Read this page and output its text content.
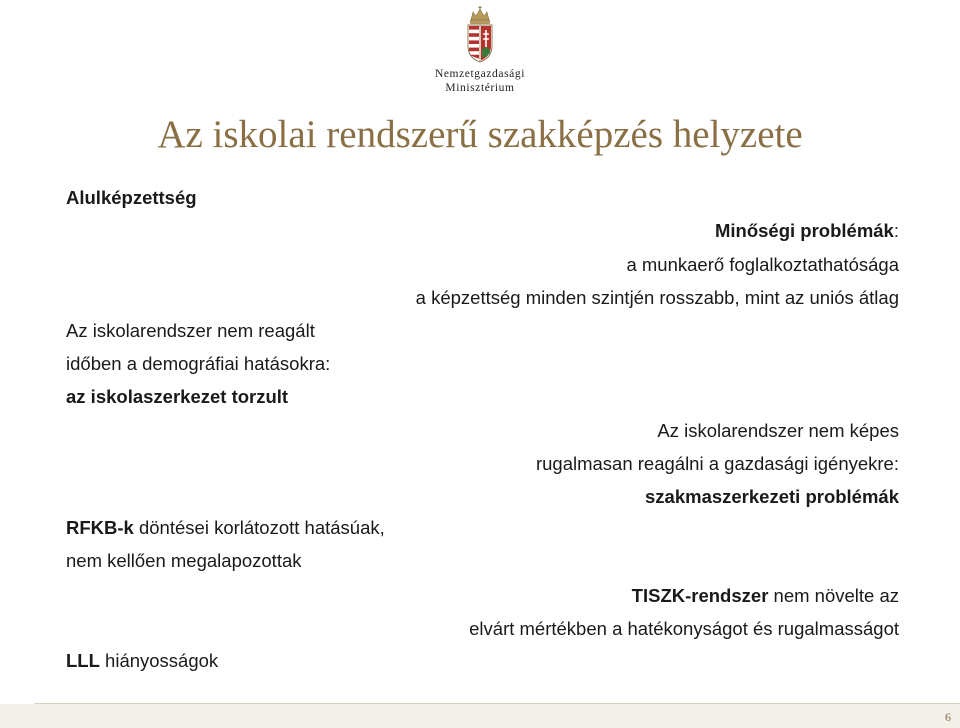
Nemzetgazdasági
Minisztérium
Az iskolai rendszerű szakképzés helyzete
Alulképzettség
Az iskolarendszer nem reagált
időben a demográfiai hatásokra:
az iskolaszerkezet torzult
RFKB-k döntései korlátozott hatásúak,
nem kellően megalapozottak
LLL hiányosságok
Minőségi problémák:
a munkaerő foglalkoztathatósága
a képzettség minden szintjén rosszabb, mint az uniós átlag
Az iskolarendszer nem képes
rugalmasan reagálni a gazdasági igényekre:
szakmaszerkezeti problémák
TISZK-rendszer nem növelte az
elvárt mértékben a hatékonyságot és rugalmasságot
6
